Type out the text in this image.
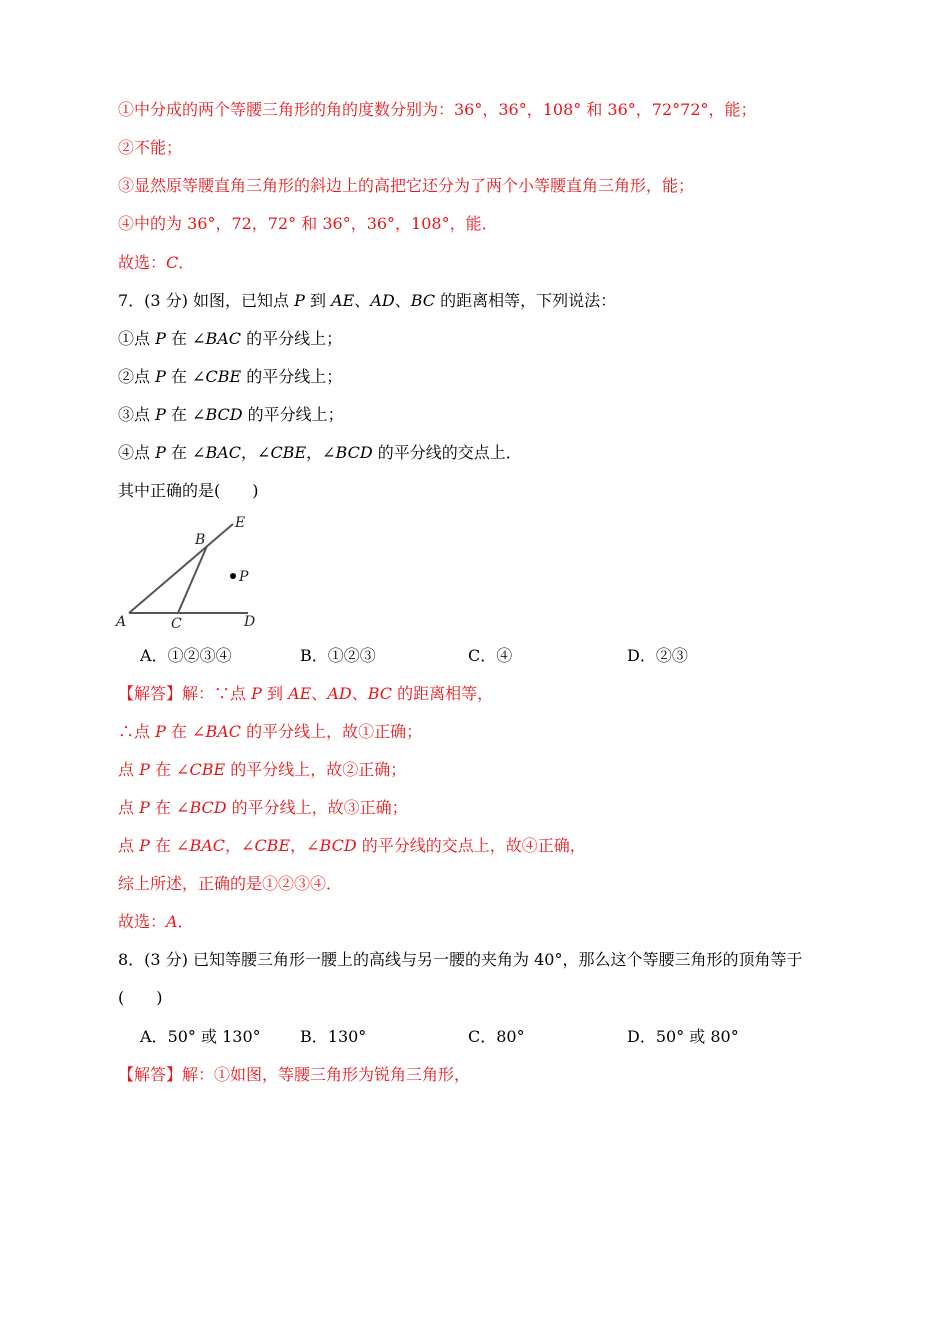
①中分成的两个等腰三角形的角的度数分别为：36°，36°，108° 和 36°，72°72°，能；
②不能；
③显然原等腰直角三角形的斜边上的高把它还分为了两个小等腰直角三角形，能；
④中的为 36°，72，72° 和 36°，36°，108°，能．
故选：C．
7．(3 分) 如图，已知点 P 到 AE、AD、BC 的距离相等，下列说法：
①点 P 在 ∠BAC 的平分线上；
②点 P 在 ∠CBE 的平分线上；
③点 P 在 ∠BCD 的平分线上；
④点 P 在 ∠BAC，∠CBE，∠BCD 的平分线的交点上．
其中正确的是(　　)
A
B
C	D
E
P
A．①②③④	B．①②③	C．④	D．②③
【解答】解：∵点 P 到 AE、AD、BC 的距离相等，
∴点 P 在 ∠BAC 的平分线上，故①正确；
点 P 在 ∠CBE 的平分线上，故②正确；
点 P 在 ∠BCD 的平分线上，故③正确；
点 P 在 ∠BAC，∠CBE，∠BCD 的平分线的交点上，故④正确，
综上所述，正确的是①②③④．
故选：A．
8．(3 分) 已知等腰三角形一腰上的高线与另一腰的夹角为 40°，那么这个等腰三角形的顶角等于
(　　)
A．50° 或 130° B．130°	C．80°	D．50° 或 80°
【解答】解：①如图，等腰三角形为锐角三角形，
